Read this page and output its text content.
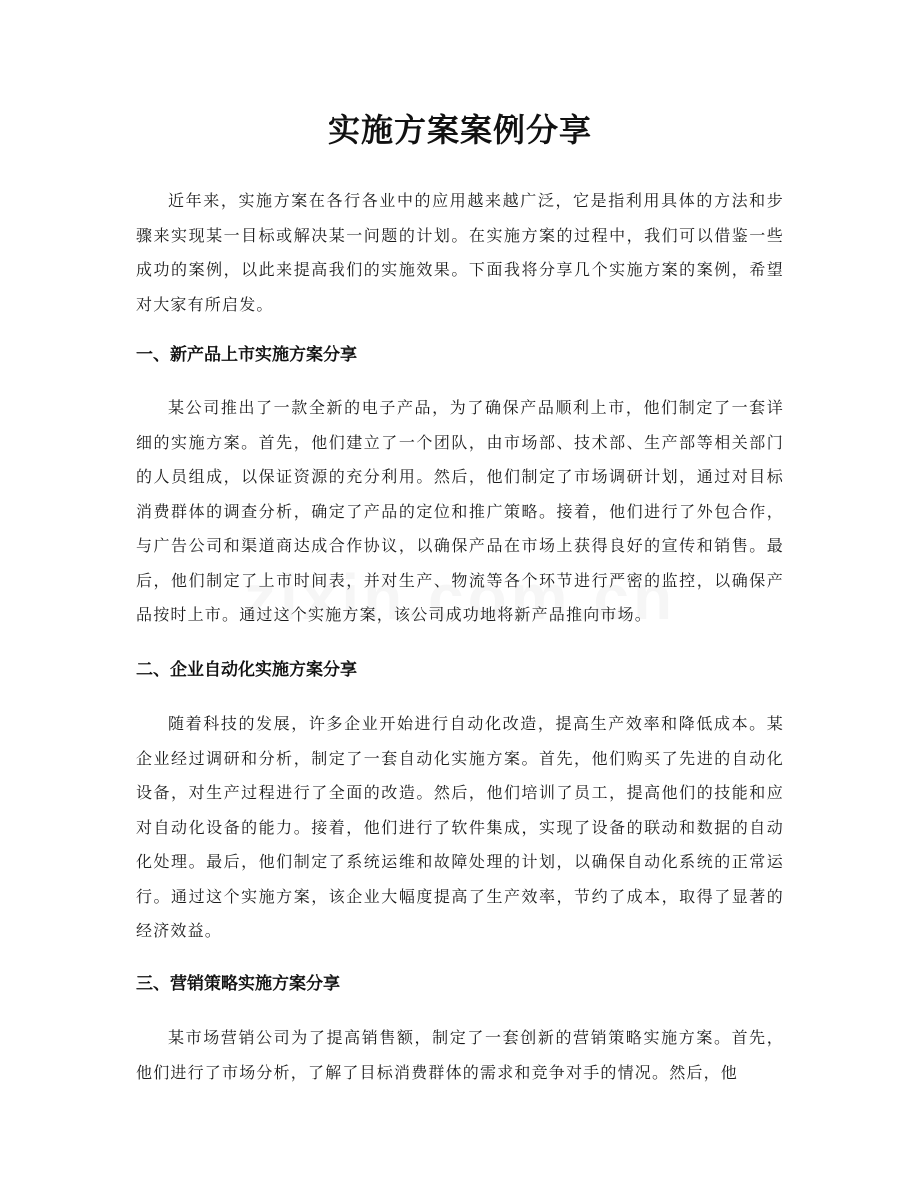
实施方案案例分享

近年来，实施方案在各行各业中的应用越来越广泛，它是指利用具体的方法和步骤来实现某一目标或解决某一问题的计划。在实施方案的过程中，我们可以借鉴一些成功的案例，以此来提高我们的实施效果。下面我将分享几个实施方案的案例，希望对大家有所启发。

一、新产品上市实施方案分享

某公司推出了一款全新的电子产品，为了确保产品顺利上市，他们制定了一套详细的实施方案。首先，他们建立了一个团队，由市场部、技术部、生产部等相关部门的人员组成，以保证资源的充分利用。然后，他们制定了市场调研计划，通过对目标消费群体的调查分析，确定了产品的定位和推广策略。接着，他们进行了外包合作，与广告公司和渠道商达成合作协议，以确保产品在市场上获得良好的宣传和销售。最后，他们制定了上市时间表，并对生产、物流等各个环节进行严密的监控，以确保产品按时上市。通过这个实施方案，该公司成功地将新产品推向市场。

二、企业自动化实施方案分享

随着科技的发展，许多企业开始进行自动化改造，提高生产效率和降低成本。某企业经过调研和分析，制定了一套自动化实施方案。首先，他们购买了先进的自动化设备，对生产过程进行了全面的改造。然后，他们培训了员工，提高他们的技能和应对自动化设备的能力。接着，他们进行了软件集成，实现了设备的联动和数据的自动化处理。最后，他们制定了系统运维和故障处理的计划，以确保自动化系统的正常运行。通过这个实施方案，该企业大幅度提高了生产效率，节约了成本，取得了显著的经济效益。

三、营销策略实施方案分享

某市场营销公司为了提高销售额，制定了一套创新的营销策略实施方案。首先，他们进行了市场分析，了解了目标消费群体的需求和竞争对手的情况。然后，他
